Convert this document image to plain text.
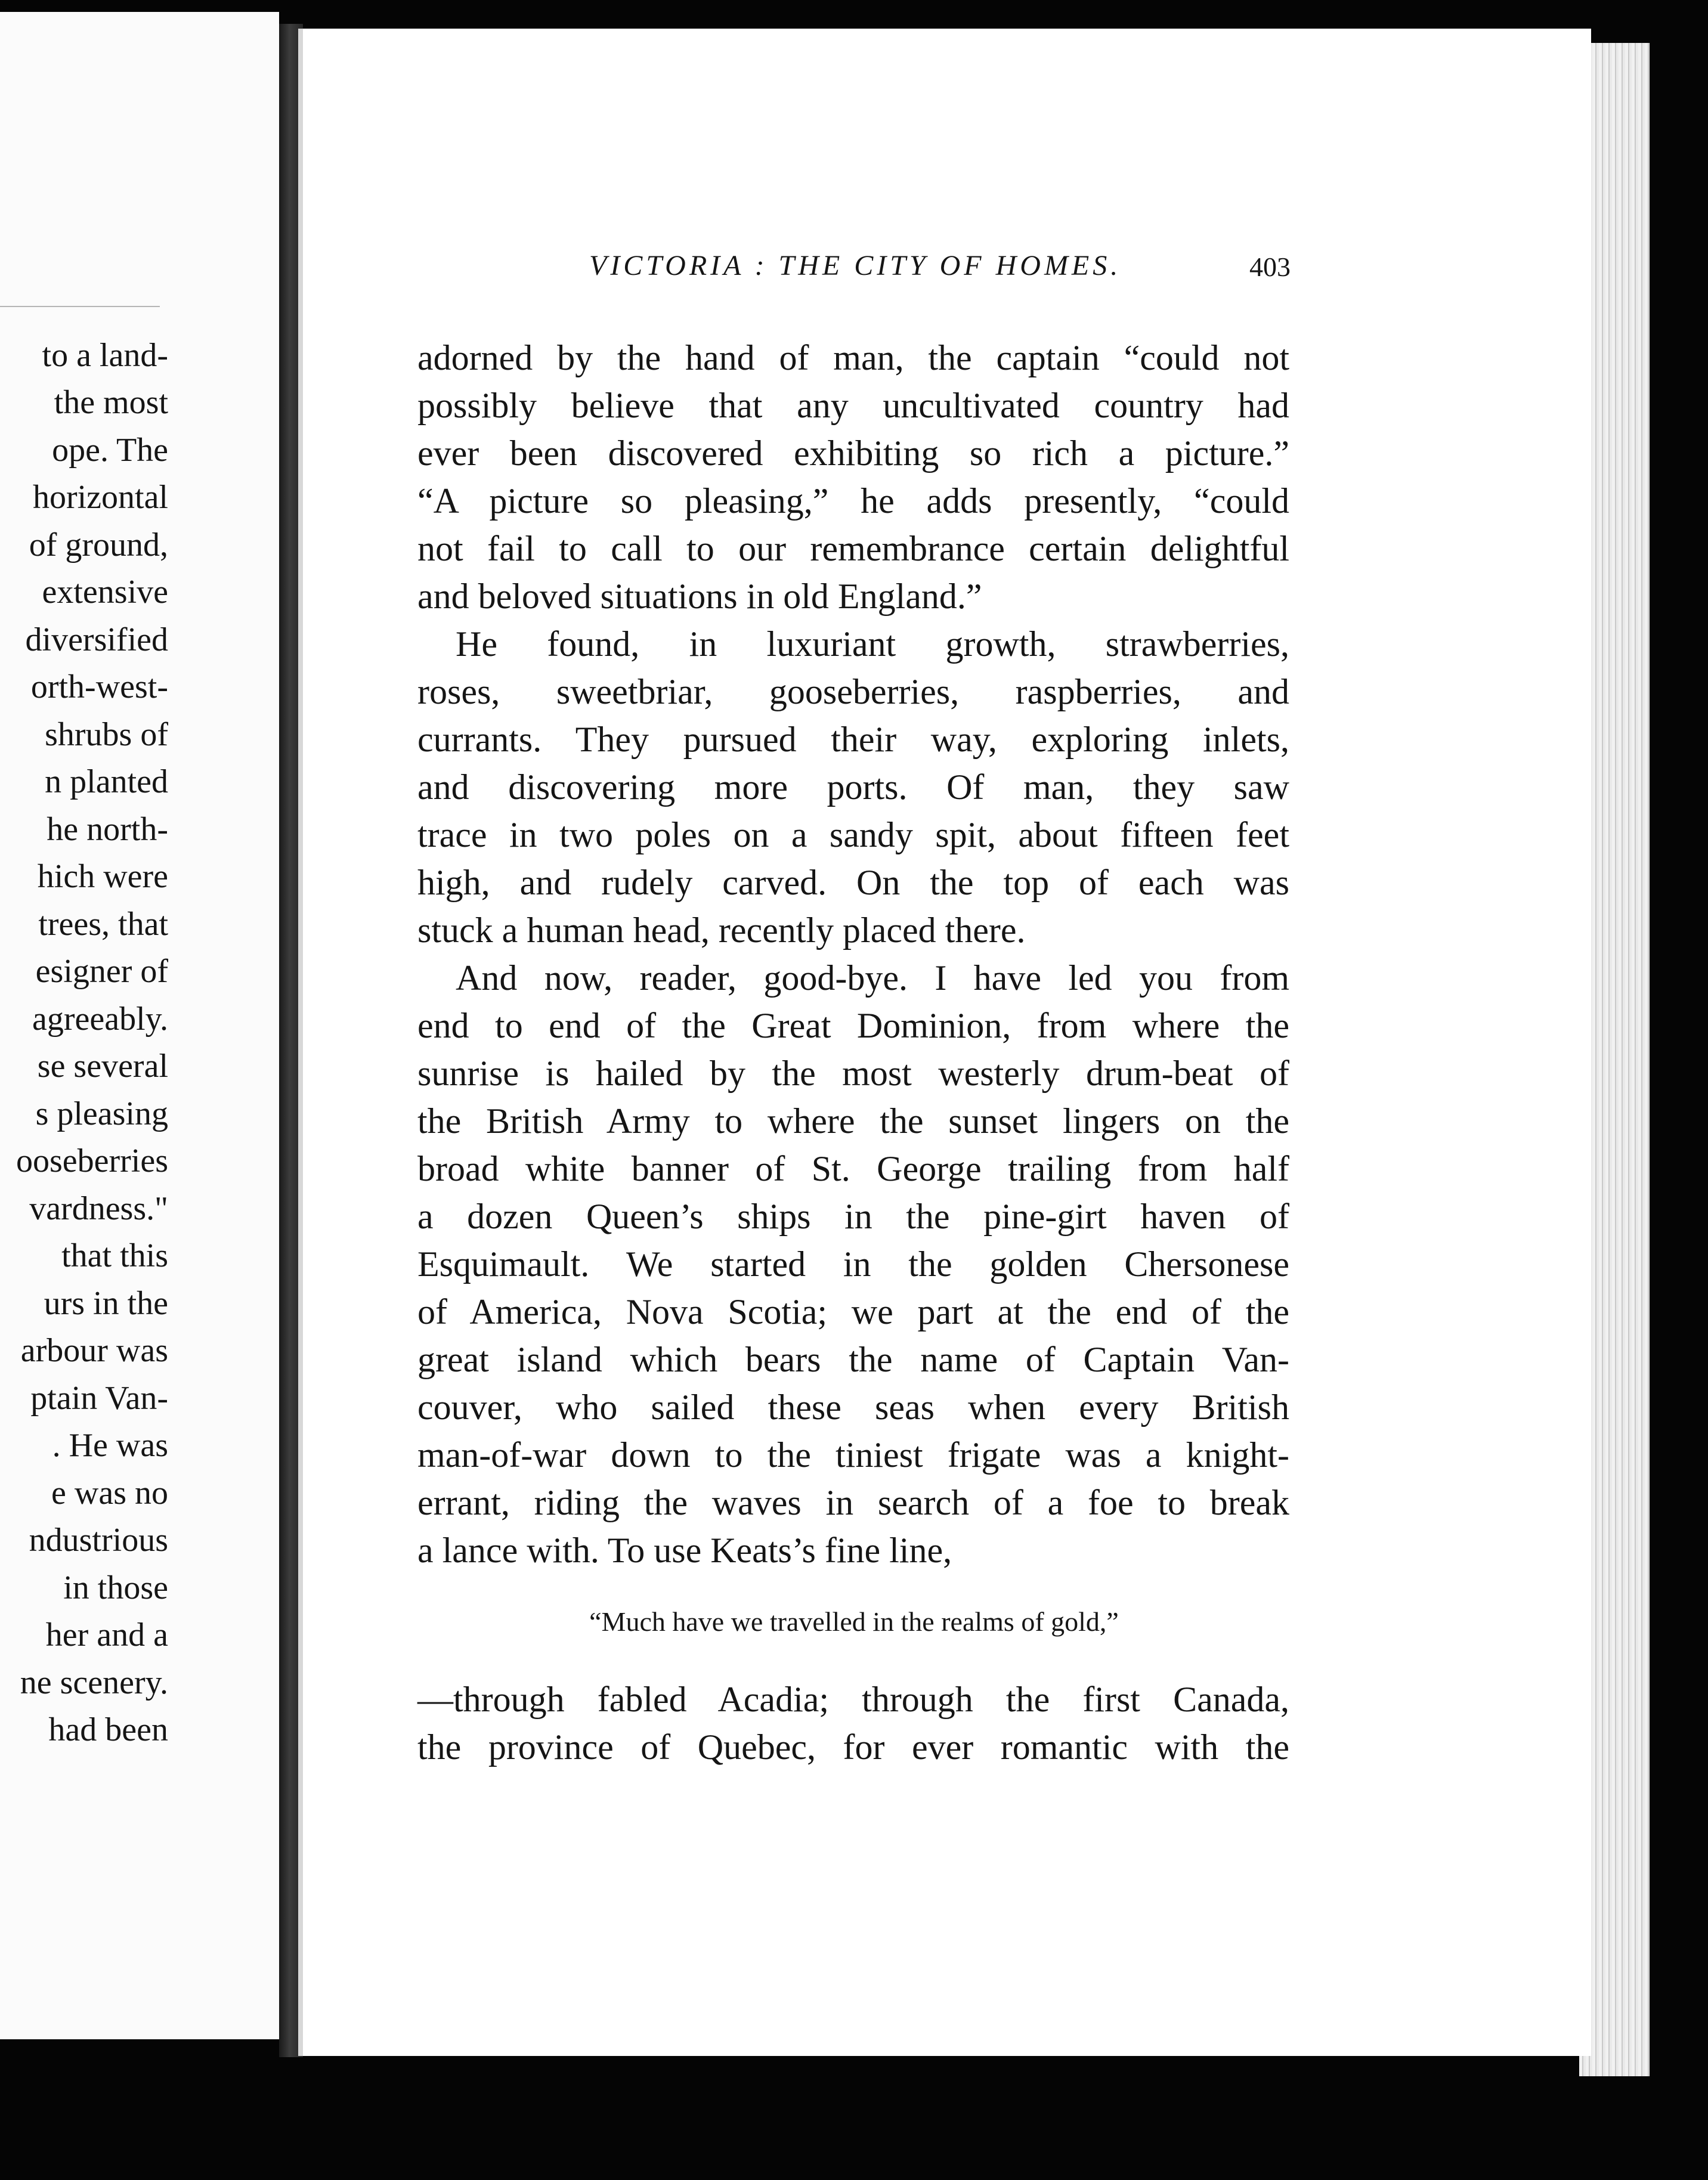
to a land-
the most
ope. The
horizontal
of ground,
extensive
diversified
orth-west-
shrubs of
n planted
he north-
hich were
trees, that
esigner of
agreeably.
se several
s pleasing
ooseberries
vardness."
that this
urs in the
arbour was
ptain Van-
. He was
e was no
ndustrious
in those
her and a
ne scenery.
had been
VICTORIA : THE CITY OF HOMES.	403
adorned by the hand of man, the captain “could not
possibly believe that any uncultivated country had
ever been discovered exhibiting so rich a picture.”
“A picture so pleasing,” he adds presently, “could
not fail to call to our remembrance certain delightful
and beloved situations in old England.”
He found, in luxuriant growth, strawberries,
roses, sweetbriar, gooseberries, raspberries, and
currants. They pursued their way, exploring inlets,
and discovering more ports. Of man, they saw
trace in two poles on a sandy spit, about fifteen feet
high, and rudely carved. On the top of each was
stuck a human head, recently placed there.
And now, reader, good-bye. I have led you from
end to end of the Great Dominion, from where the
sunrise is hailed by the most westerly drum-beat of
the British Army to where the sunset lingers on the
broad white banner of St. George trailing from half
a dozen Queen’s ships in the pine-girt haven of
Esquimault. We started in the golden Chersonese
of America, Nova Scotia; we part at the end of the
great island which bears the name of Captain Van-
couver, who sailed these seas when every British
man-of-war down to the tiniest frigate was a knight-
errant, riding the waves in search of a foe to break
a lance with. To use Keats’s fine line,
“Much have we travelled in the realms of gold,”
—through fabled Acadia; through the first Canada,
the province of Quebec, for ever romantic with the
